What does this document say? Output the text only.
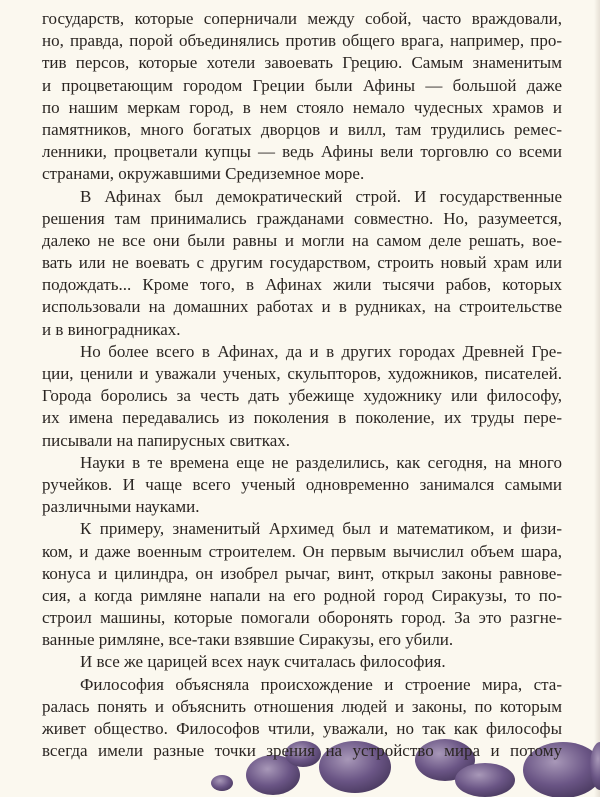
государств, которые соперничали между собой, часто враждовали,
но, правда, порой объединялись против общего врага, например, про-
тив персов, которые хотели завоевать Грецию. Самым знаменитым
и процветающим городом Греции были Афины — большой даже
по нашим меркам город, в нем стояло немало чудесных храмов и
памятников, много богатых дворцов и вилл, там трудились ремес-
ленники, процветали купцы — ведь Афины вели торговлю со всеми
странами, окружавшими Средиземное море.
В Афинах был демократический строй. И государственные
решения там принимались гражданами совместно. Но, разумеется,
далеко не все они были равны и могли на самом деле решать, вое-
вать или не воевать с другим государством, строить новый храм или
подождать... Кроме того, в Афинах жили тысячи рабов, которых
использовали на домашних работах и в рудниках, на строительстве
и в виноградниках.
Но более всего в Афинах, да и в других городах Древней Гре-
ции, ценили и уважали ученых, скульпторов, художников, писателей.
Города боролись за честь дать убежище художнику или философу,
их имена передавались из поколения в поколение, их труды пере-
писывали на папирусных свитках.
Науки в те времена еще не разделились, как сегодня, на много
ручейков. И чаще всего ученый одновременно занимался самыми
различными науками.
К примеру, знаменитый Архимед был и математиком, и физи-
ком, и даже военным строителем. Он первым вычислил объем шара,
конуса и цилиндра, он изобрел рычаг, винт, открыл законы равнове-
сия, а когда римляне напали на его родной город Сиракузы, то по-
строил машины, которые помогали оборонять город. За это разгне-
ванные римляне, все-таки взявшие Сиракузы, его убили.
И все же царицей всех наук считалась философия.
Философия объясняла происхождение и строение мира, ста-
ралась понять и объяснить отношения людей и законы, по которым
живет общество. Философов чтили, уважали, но так как философы
всегда имели разные точки зрения на устройство мира и потому
